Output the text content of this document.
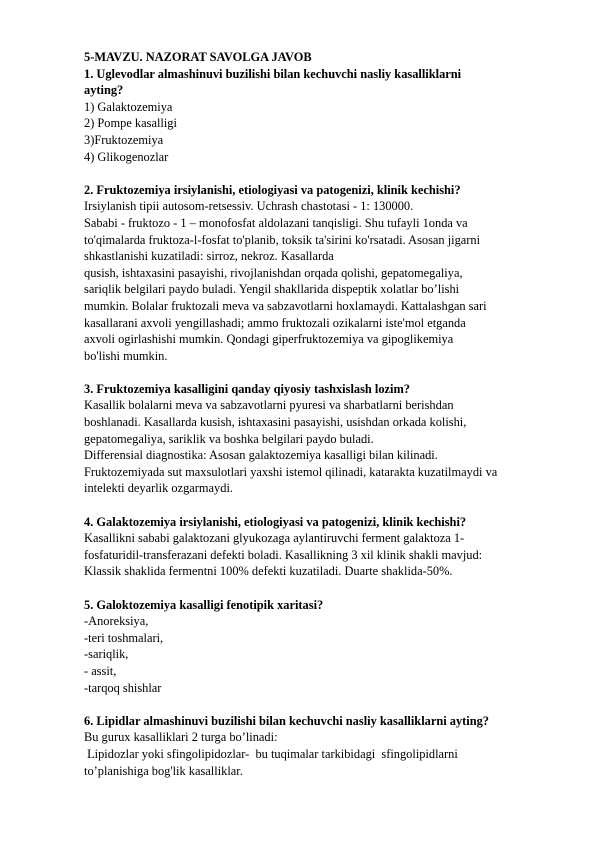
5-MAVZU. NAZORAT SAVOLGA JAVOB
1. Uglevodlar almashinuvi buzilishi bilan kechuvchi nasliy kasalliklarni
ayting?
1) Galaktozemiya
2) Pompe kasalligi
3)Fruktozemiya
4) Glikogenozlar
2. Fruktozemiya irsiylanishi, etiologiyasi va patogenizi, klinik kechishi?
Irsiylanish tipii autosom-retsessiv. Uchrash chastotasi - 1: 130000.
Sababi - fruktozo - 1 – monofosfat aldolazani tanqisligi. Shu tufayli 1onda va
to'qimalarda fruktoza-l-fosfat to'planib, toksik ta'sirini ko'rsatadi. Asosan jigarni
shkastlanishi kuzatiladi: sirroz, nekroz. Kasallarda
qusish, ishtaxasini pasayishi, rivojlanishdan orqada qolishi, gepatomegaliya,
sariqlik belgilari paydo buladi. Yengil shakllarida dispeptik xolatlar bo’lishi
mumkin. Bolalar fruktozali meva va sabzavotlarni hoxlamaydi. Kattalashgan sari
kasallarani axvoli yengillashadi; ammo fruktozali ozikalarni iste'mol etganda
axvoli ogirlashishi mumkin. Qondagi giperfruktozemiya va gipoglikemiya
bo'lishi mumkin.
3. Fruktozemiya kasalligini qanday qiyosiy tashxislash lozim?
Kasallik bolalarni meva va sabzavotlarni pyuresi va sharbatlarni berishdan
boshlanadi. Kasallarda kusish, ishtaxasini pasayishi, usishdan orkada kolishi,
gepatomegaliya, sariklik va boshka belgilari paydo buladi.
Differensial diagnostika: Asosan galaktozemiya kasalligi bilan kilinadi.
Fruktozemiyada sut maxsulotlari yaxshi istemol qilinadi, katarakta kuzatilmaydi va
intelekti deyarlik ozgarmaydi.
4. Galaktozemiya irsiylanishi, etiologiyasi va patogenizi, klinik kechishi?
Kasallikni sababi galaktozani glyukozaga aylantiruvchi ferment galaktoza 1-
fosfaturidil-transferazani defekti boladi. Kasallikning 3 xil klinik shakli mavjud:
Klassik shaklida fermentni 100% defekti kuzatiladi. Duarte shaklida-50%.
5. Galoktozemiya kasalligi fenotipik xaritasi?
-Anoreksiya,
-teri toshmalari,
-sariqlik,
- assit,
-tarqoq shishlar
6. Lipidlar almashinuvi buzilishi bilan kechuvchi nasliy kasalliklarni ayting?
Bu gurux kasalliklari 2 turga bo’linadi:
Lipidozlar yoki sfingolipidozlar-  bu tuqimalar tarkibidagi  sfingolipidlarni
to’planishiga bog'lik kasalliklar.
